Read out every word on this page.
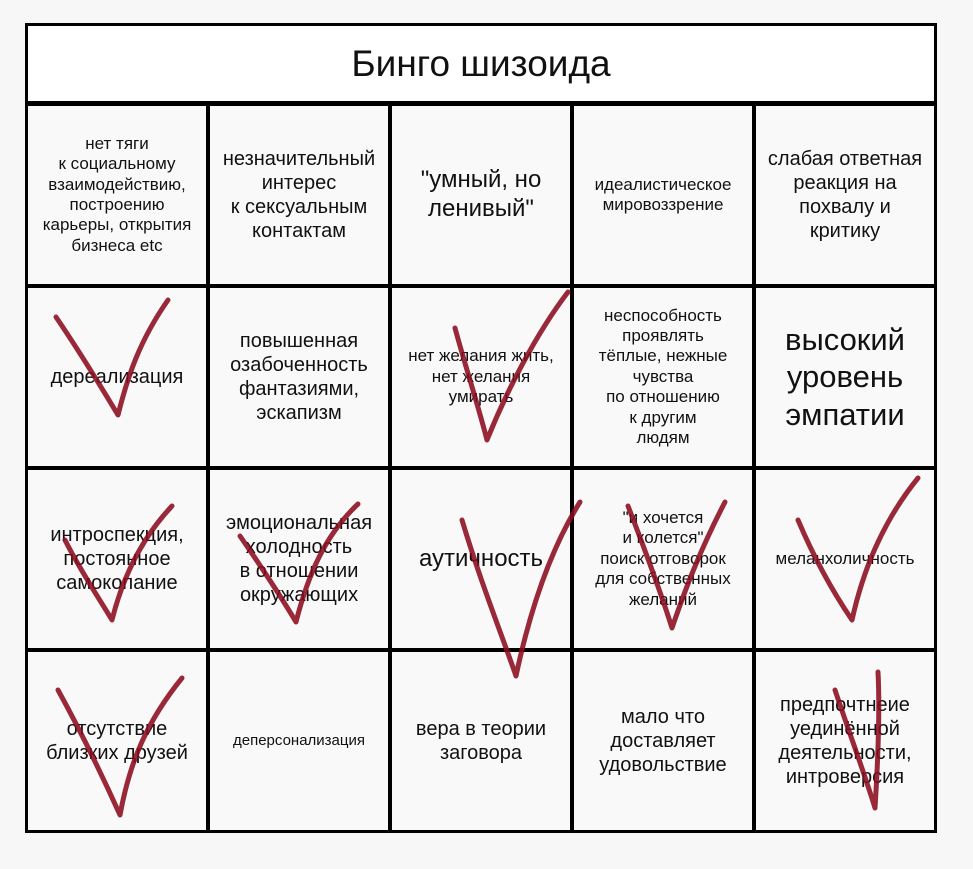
Бинго шизоида
нет тяги
к социальному
взаимодействию,
построению
карьеры, открытия
бизнеса etc
незначительный
интерес
к сексуальным
контактам
"умный, но
ленивый"
идеалистическое
мировоззрение
слабая ответная
реакция на
похвалу и
критику
дереализация
повышенная
озабоченность
фантазиями,
эскапизм
нет желания жить,
нет желания
умирать
неспособность
проявлять
тёплые, нежные
чувства
по отношению
к другим
людям
высокий
уровень
эмпатии
интроспекция,
постоянное
самокопание
эмоциональная
холодность
в отношении
окружающих
аутичность
"и хочется
и колется"
поиск отговорок
для собственных
желаний
меланхоличность
отсутствие
близких друзей
деперсонализация
вера в теории
заговора
мало что
доставляет
удовольствие
предпочтнеие
уединённой
деятельности,
интроверсия
